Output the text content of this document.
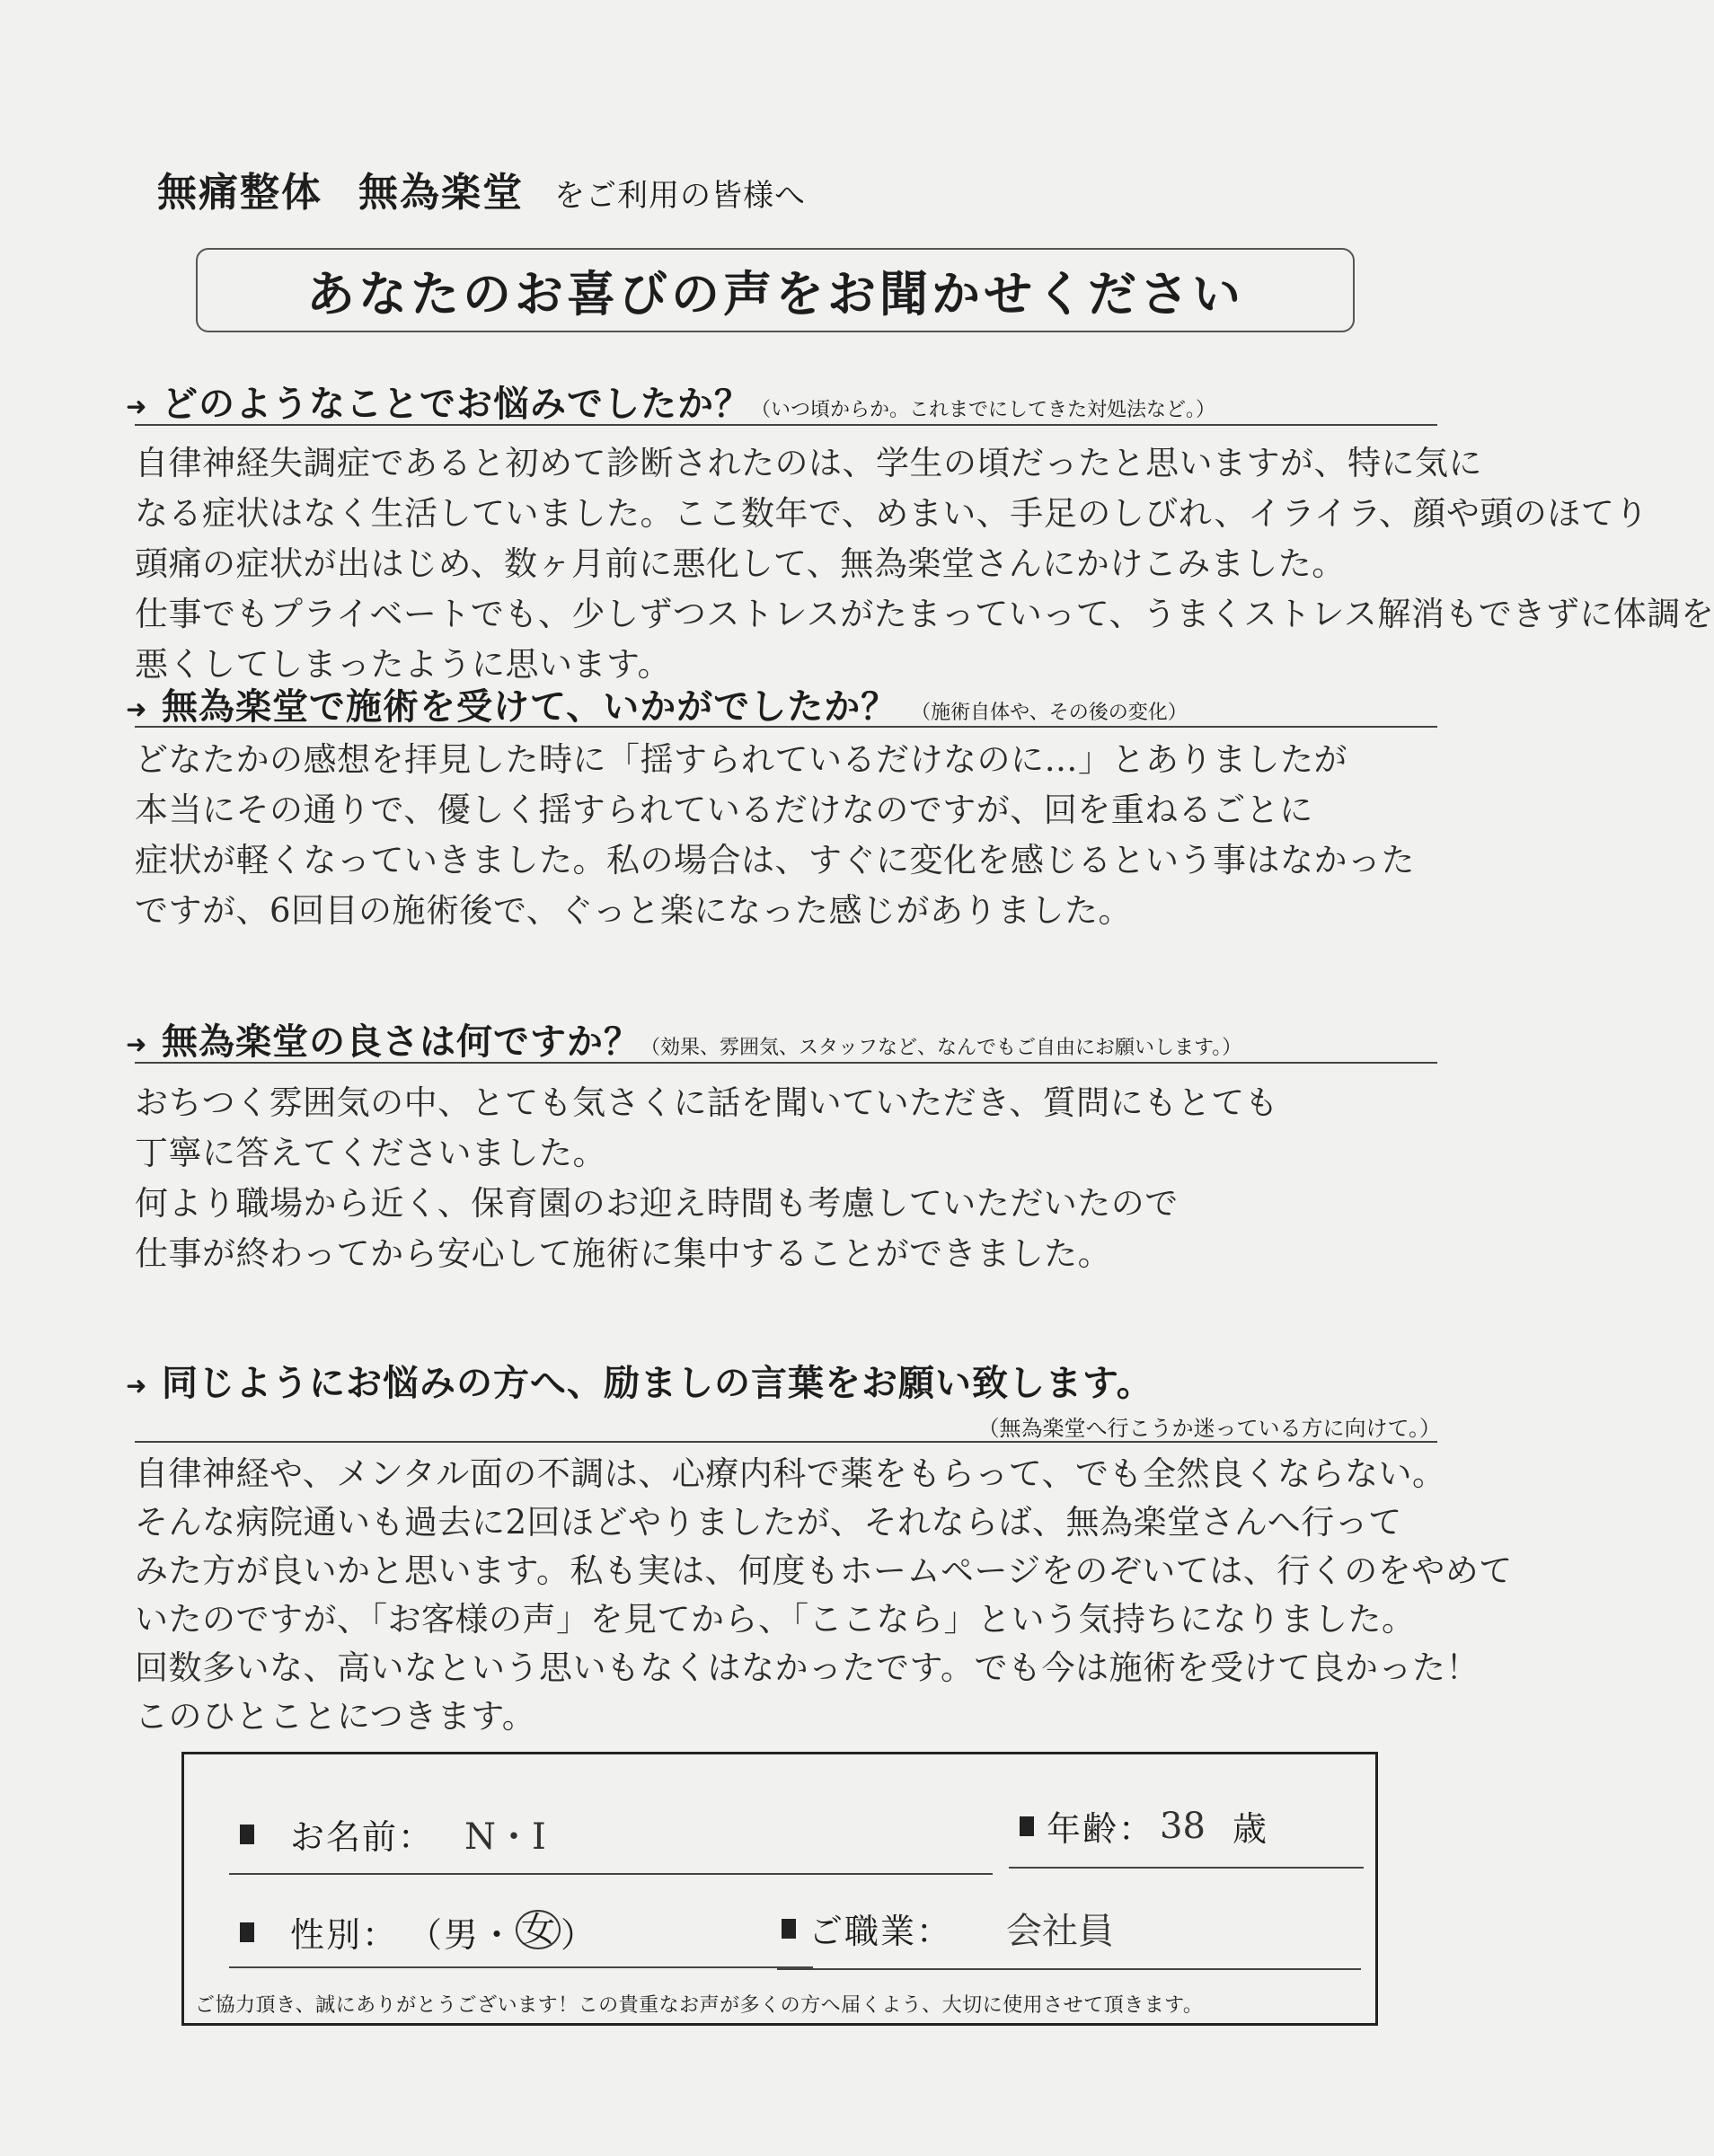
無痛整体 無為楽堂 をご利用の皆様へ
あなたのお喜びの声をお聞かせください
➜ どのようなことでお悩みでしたか？（いつ頃からか。これまでにしてきた対処法など。）
自律神経失調症であると初めて診断されたのは、学生の頃だったと思いますが、特に気に
なる症状はなく生活していました。ここ数年で、めまい、手足のしびれ、イライラ、顔や頭のほてり
頭痛の症状が出はじめ、数ヶ月前に悪化して、無為楽堂さんにかけこみました。
仕事でもプライベートでも、少しずつストレスがたまっていって、うまくストレス解消もできずに体調を
悪くしてしまったように思います。
➜ 無為楽堂で施術を受けて、いかがでしたか？ （施術自体や、その後の変化）
どなたかの感想を拝見した時に「揺すられているだけなのに…」とありましたが
本当にその通りで、優しく揺すられているだけなのですが、回を重ねるごとに
症状が軽くなっていきました。私の場合は、すぐに変化を感じるという事はなかった
ですが、6回目の施術後で、ぐっと楽になった感じがありました。
➜ 無為楽堂の良さは何ですか？（効果、雰囲気、スタッフなど、なんでもご自由にお願いします。）
おちつく雰囲気の中、とても気さくに話を聞いていただき、質問にもとても
丁寧に答えてくださいました。
何より職場から近く、保育園のお迎え時間も考慮していただいたので
仕事が終わってから安心して施術に集中することができました。
➜ 同じようにお悩みの方へ、励ましの言葉をお願い致します。
（無為楽堂へ行こうか迷っている方に向けて。）
自律神経や、メンタル面の不調は、心療内科で薬をもらって、でも全然良くならない。
そんな病院通いも過去に2回ほどやりましたが、それならば、無為楽堂さんへ行って
みた方が良いかと思います。私も実は、何度もホームページをのぞいては、行くのをやめて
いたのですが、「お客様の声」を見てから、「ここなら」という気持ちになりました。
回数多いな、高いなという思いもなくはなかったです。でも今は施術を受けて良かった！
このひとことにつきます。
お名前： N・I	年齢： 38 歳
性別： （男・ 女 ）	ご職業： 会社員
ご協力頂き、誠にありがとうございます！この貴重なお声が多くの方へ届くよう、大切に使用させて頂きます。
